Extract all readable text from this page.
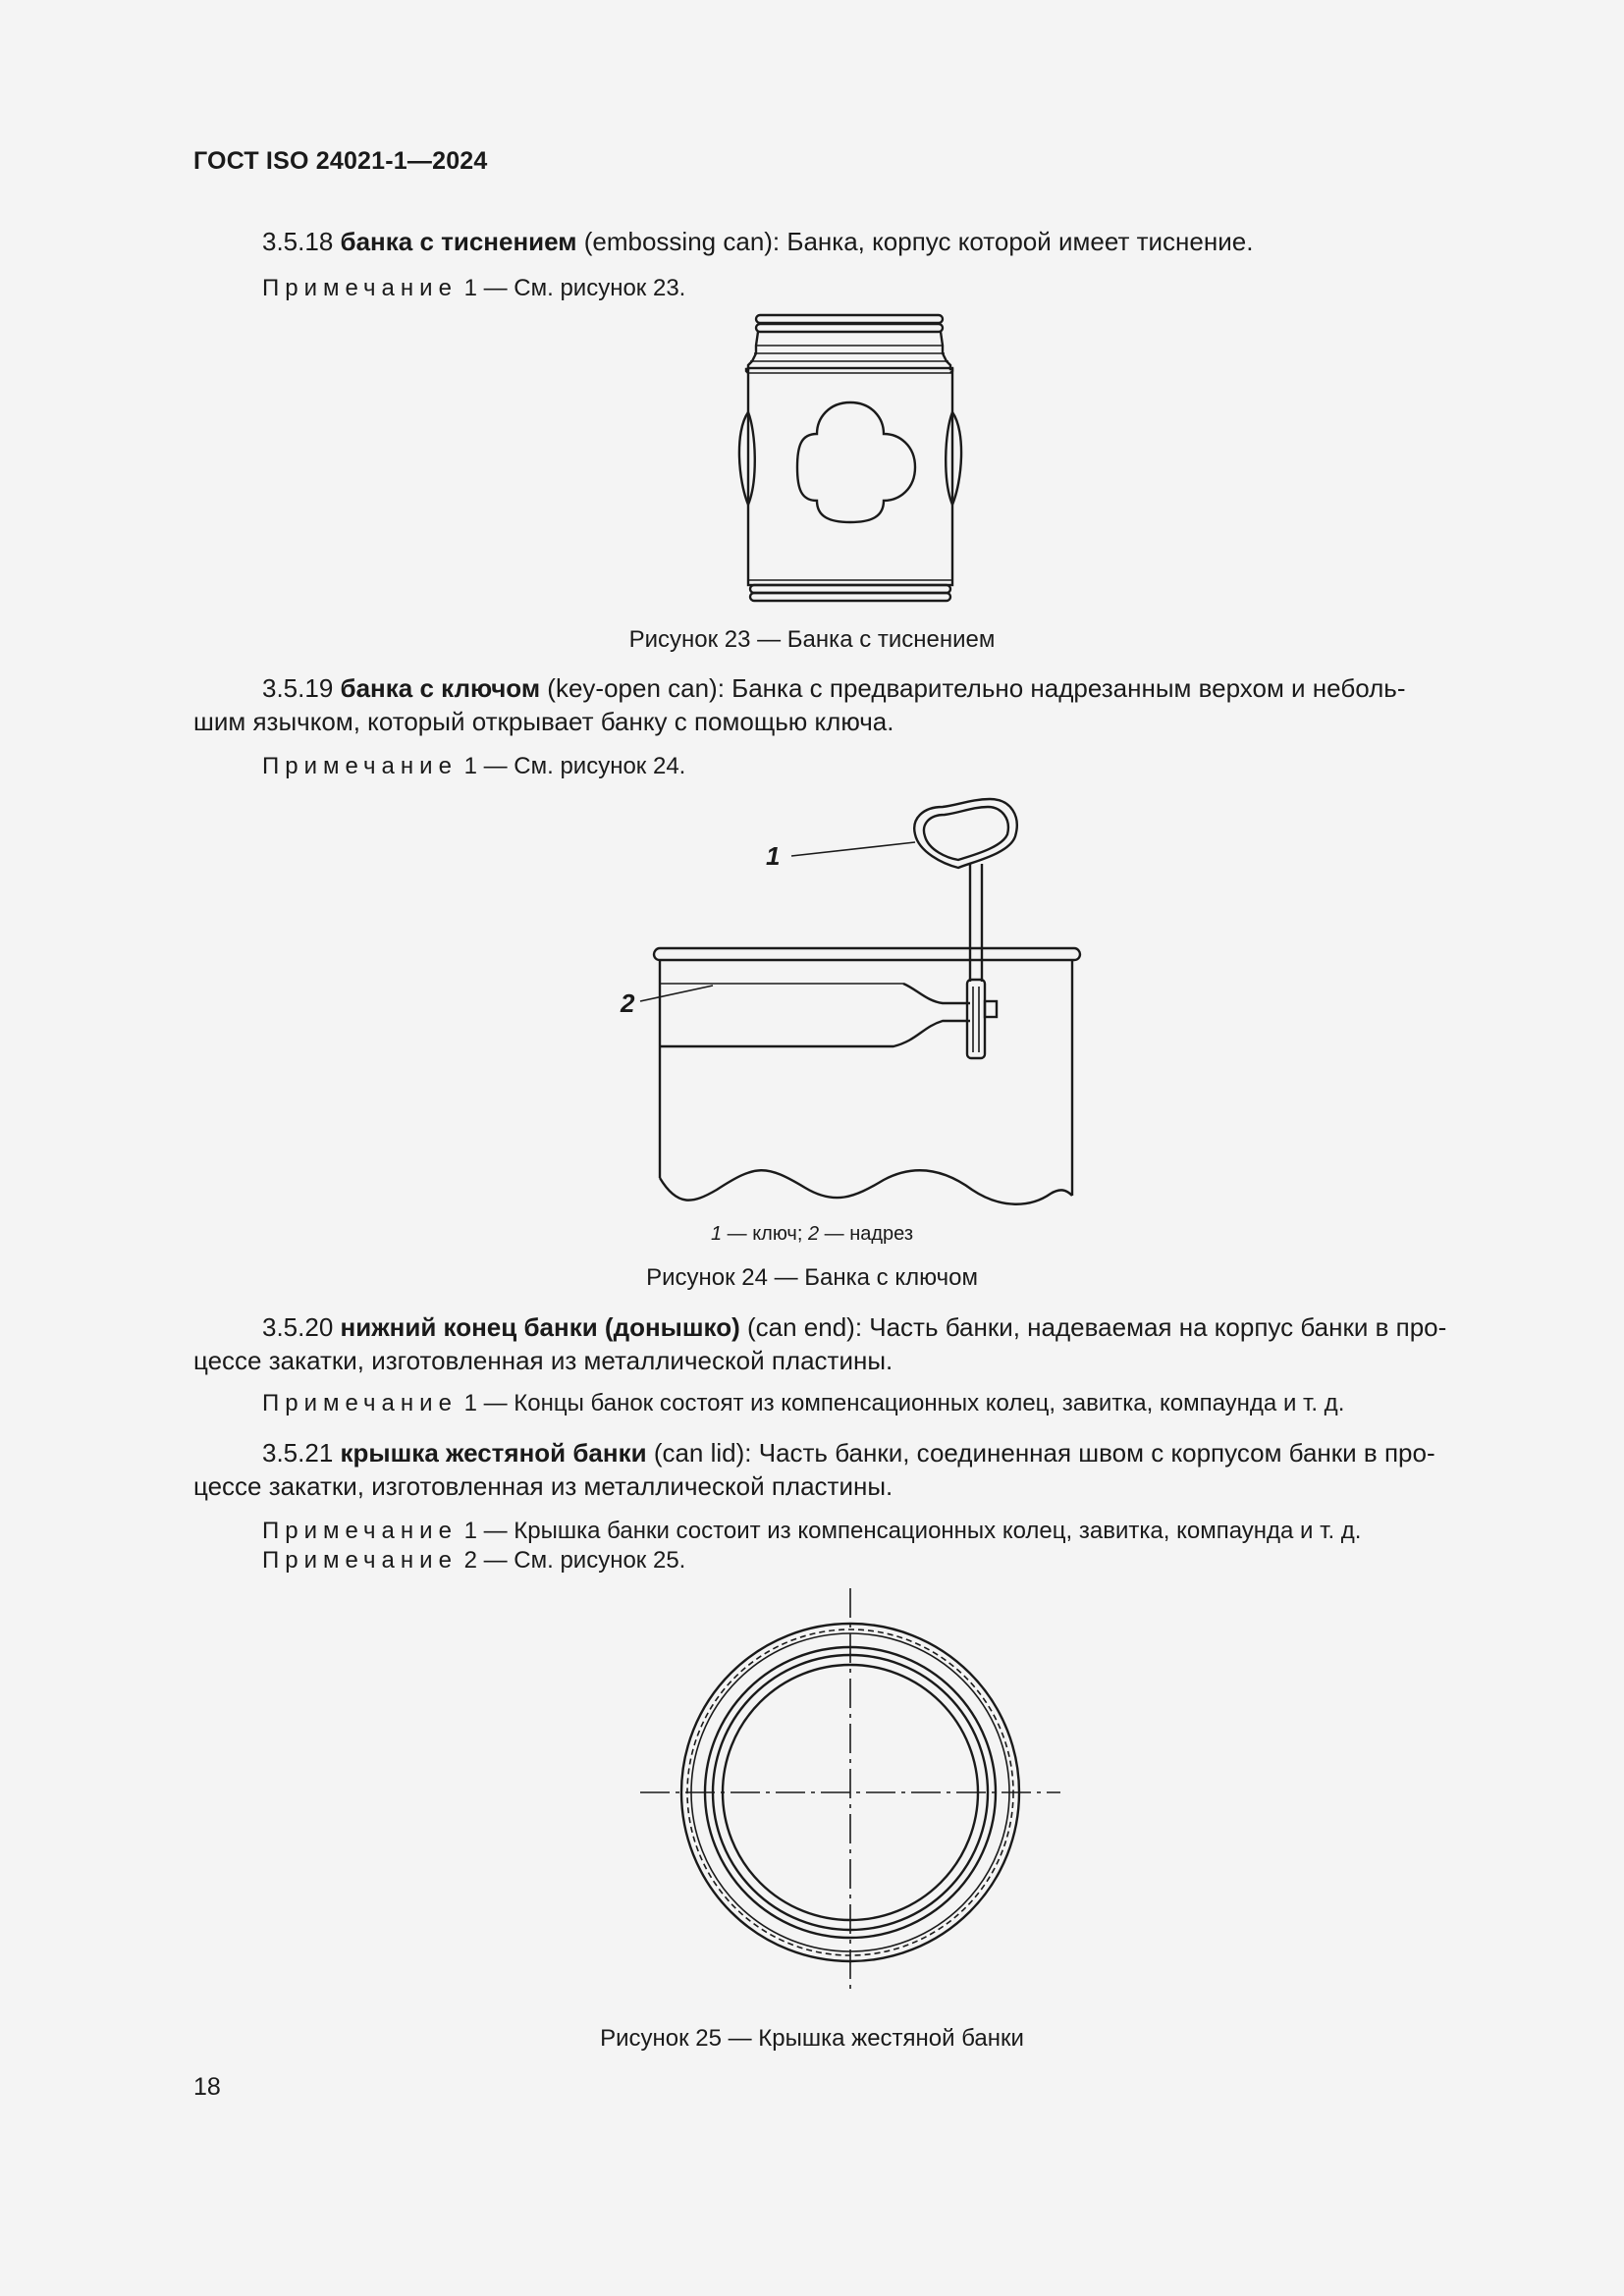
ГОСТ ISO 24021-1—2024
3.5.18 банка с тиснением (embossing can): Банка, корпус которой имеет тиснение.
Примечание 1 — См. рисунок 23.
Рисунок 23 — Банка с тиснением
3.5.19 банка с ключом (key-open can): Банка с предварительно надрезанным верхом и неболь-
шим язычком, который открывает банку с помощью ключа.
Примечание 1 — См. рисунок 24.
1
2
1 — ключ; 2 — надрез
Рисунок 24 — Банка с ключом
3.5.20 нижний конец банки (донышко) (can end): Часть банки, надеваемая на корпус банки в про-
цессе закатки, изготовленная из металлической пластины.
Примечание 1 — Концы банок состоят из компенсационных колец, завитка, компаунда и т. д.
3.5.21 крышка жестяной банки (can lid): Часть банки, соединенная швом с корпусом банки в про-
цессе закатки, изготовленная из металлической пластины.
Примечание 1 — Крышка банки состоит из компенсационных колец, завитка, компаунда и т. д.
Примечание 2 — См. рисунок 25.
Рисунок 25 — Крышка жестяной банки
18
